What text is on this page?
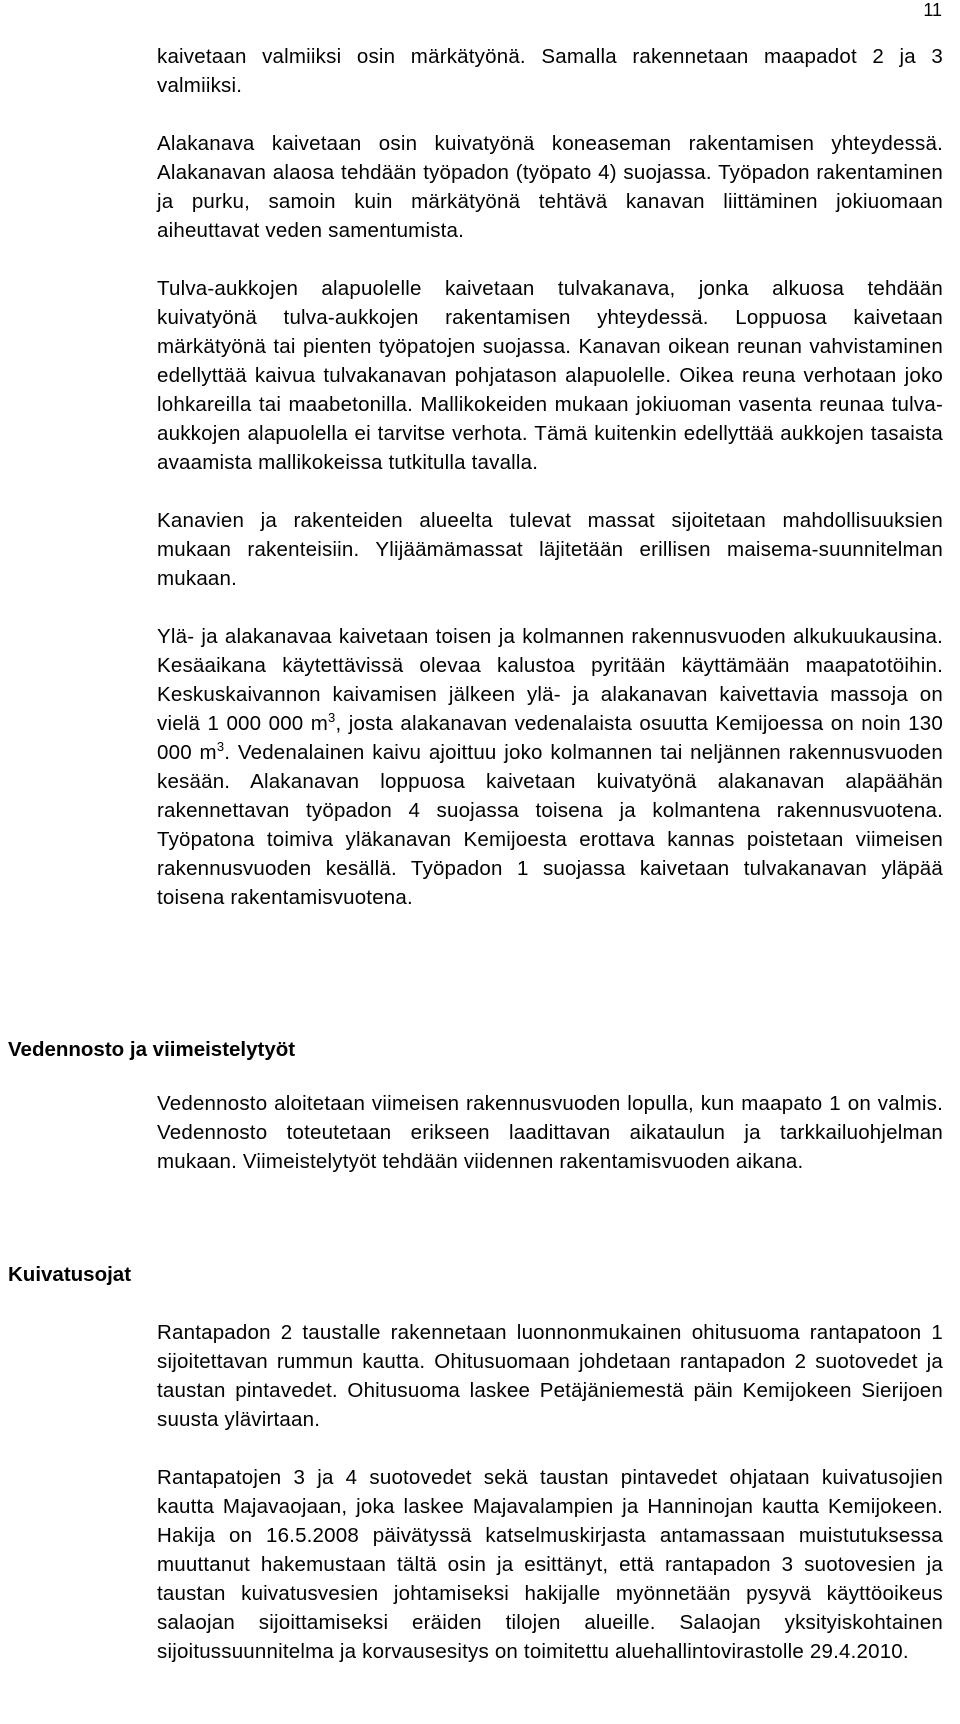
11

kaivetaan valmiiksi osin märkätyönä. Samalla rakennetaan maapadot 2 ja 3 valmiiksi.

Alakanava kaivetaan osin kuivatyönä koneaseman rakentamisen yhteydessä. Alakanavan alaosa tehdään työpadon (työpato 4) suojassa. Työpadon rakentaminen ja purku, samoin kuin märkätyönä tehtävä kanavan liittäminen jokiuomaan aiheuttavat veden samentumista.

Tulva-aukkojen alapuolelle kaivetaan tulvakanava, jonka alkuosa tehdään kuivatyönä tulva-aukkojen rakentamisen yhteydessä. Loppuosa kaivetaan märkätyönä tai pienten työpatojen suojassa. Kanavan oikean reunan vahvistaminen edellyttää kaivua tulvakanavan pohjatason alapuolelle. Oikea reuna verhotaan joko lohkareilla tai maabetonilla. Mallikokeiden mukaan jokiuoman vasenta reunaa tulva-aukkojen alapuolella ei tarvitse verhota. Tämä kuitenkin edellyttää aukkojen tasaista avaamista mallikokeissa tutkitulla tavalla.

Kanavien ja rakenteiden alueelta tulevat massat sijoitetaan mahdollisuuksien mukaan rakenteisiin. Ylijäämämassat läjitetään erillisen maisema-suunnitelman mukaan.

Ylä- ja alakanavaa kaivetaan toisen ja kolmannen rakennusvuoden alkukuukausina. Kesäaikana käytettävissä olevaa kalustoa pyritään käyttämään maapatotöihin. Keskuskaivannon kaivamisen jälkeen ylä- ja alakanavan kaivettavia massoja on vielä 1 000 000 $m^3$, josta alakanavan vedenalaista osuutta Kemijoessa on noin 130 000 $m^3$. Vedenalainen kaivu ajoittuu joko kolmannen tai neljännen rakennusvuoden kesään. Alakanavan loppuosa kaivetaan kuivatyönä alakanavan alapäähän rakennettavan työpadon 4 suojassa toisena ja kolmantena rakennusvuotena. Työpatona toimiva yläkanavan Kemijoesta erottava kannas poistetaan viimeisen rakennusvuoden kesällä. Työpadon 1 suojassa kaivetaan tulvakanavan yläpää toisena rakentamisvuotena.

Vedennosto ja viimeistelytyöt

Vedennosto aloitetaan viimeisen rakennusvuoden lopulla, kun maapato 1 on valmis. Vedennosto toteutetaan erikseen laadittavan aikataulun ja tarkkailuohjelman mukaan. Viimeistelytyöt tehdään viidennen rakentamisvuoden aikana.

Kuivatusojat

Rantapadon 2 taustalle rakennetaan luonnonmukainen ohitusuoma rantapatoon 1 sijoitettavan rummun kautta. Ohitusuomaan johdetaan rantapadon 2 suotovedet ja taustan pintavedet. Ohitusuoma laskee Petäjäniemestä päin Kemijokeen Sierijoen suusta ylävirtaan.

Rantapatojen 3 ja 4 suotovedet sekä taustan pintavedet ohjataan kuivatusojien kautta Majavaojaan, joka laskee Majavalampien ja Hanninojan kautta Kemijokeen. Hakija on 16.5.2008 päivätyssä katselmuskirjasta antamassaan muistutuksessa muuttanut hakemustaan tältä osin ja esittänyt, että rantapadon 3 suotovesien ja taustan kuivatusvesien johtamiseksi hakijalle myönnetään pysyvä käyttöoikeus salaojan sijoittamiseksi eräiden tilojen alueille. Salaojan yksityiskohtainen sijoitussuunnitelma ja korvausesitys on toimitettu aluehallintovirastolle 29.4.2010.
